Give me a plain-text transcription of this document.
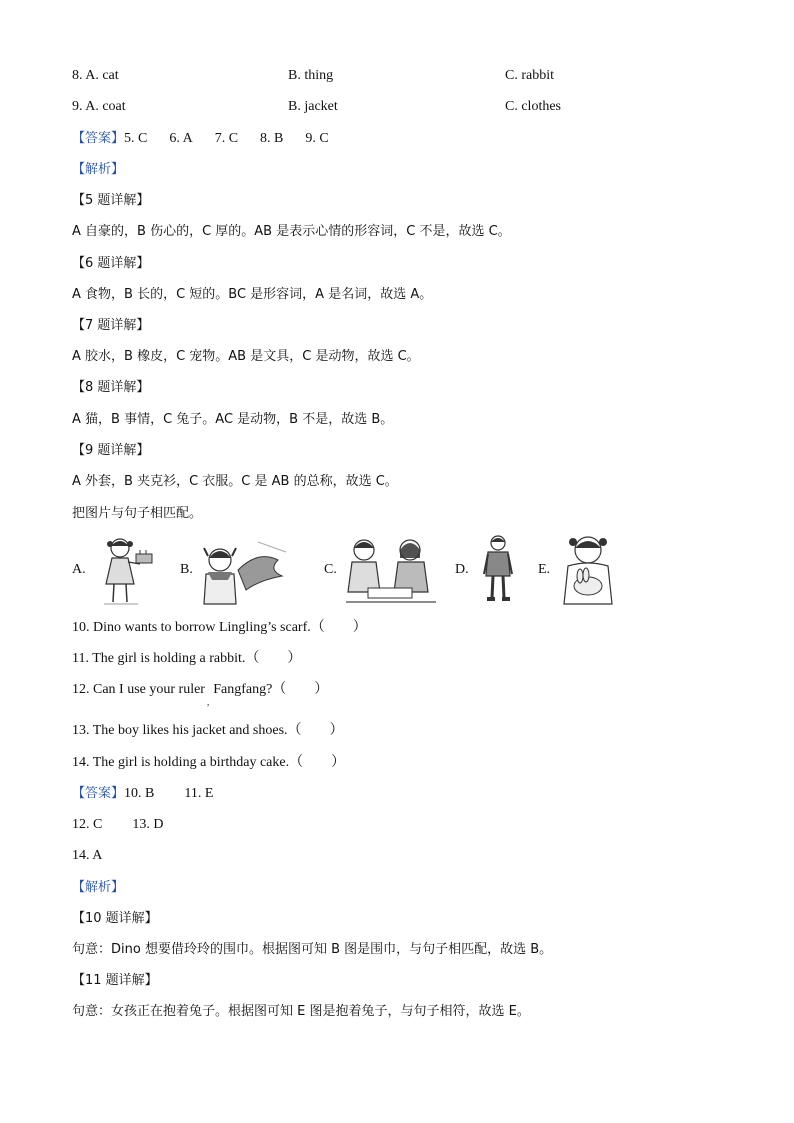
8. A. cat	B. thing	C. rabbit
9. A. coat	B. jacket	C. clothes
【答案】5. C 6. A 7. C 8. B 9. C
【解析】
【5 题详解】
A 自豪的，B 伤心的，C 厚的。AB 是表示心情的形容词，C 不是，故选 C。
【6 题详解】
A 食物，B 长的，C 短的。BC 是形容词，A 是名词，故选 A。
【7 题详解】
A 胶水，B 橡皮，C 宠物。AB 是文具，C 是动物，故选 C。
【8 题详解】
A 猫，B 事情，C 兔子。AC 是动物，B 不是，故选 B。
【9 题详解】
A 外套，B 夹克衫，C 衣服。C 是 AB 的总称，故选 C。
把图片与句子相匹配。
A.	B.	C.	D.	E.
10. Dino wants to borrow Lingling’s scarf.（　　）
11. The girl is holding a rabbit.（　　）
12. Can I use your ruler$_,$Fangfang?（　　）
13. The boy likes his jacket and shoes.（　　）
14. The girl is holding a birthday cake.（　　）
【答案】10. B 11. E
12. C 13. D
14. A
【解析】
【10 题详解】
句意：Dino 想要借玲玲的围巾。根据图可知 B 图是围巾，与句子相匹配，故选 B。
【11 题详解】
句意：女孩正在抱着兔子。根据图可知 E 图是抱着兔子，与句子相符，故选 E。
